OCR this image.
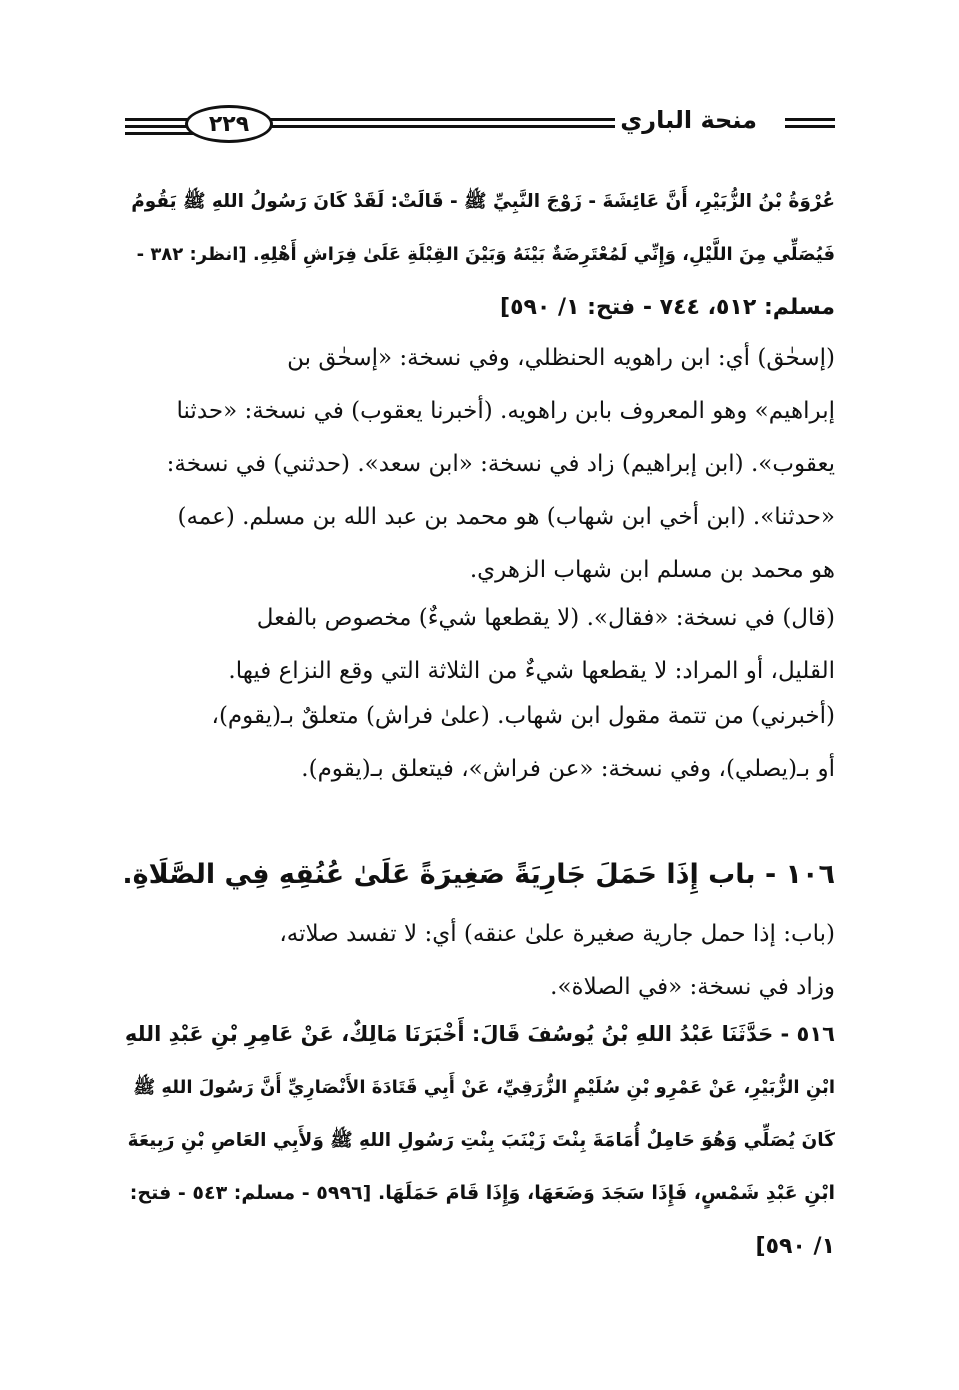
٢٢٩	منحة الباري
عُرْوَةُ بْنُ الزُّبَيْرِ، أَنَّ عَائِشَةَ - زَوْجَ النَّبِيِّ ﷺ - قَالَتْ: لَقَدْ كَانَ رَسُولُ اللهِ ﷺ يَقُومُ
فَيُصَلِّي مِنَ اللَّيْلِ، وَإِنِّي لَمُعْتَرِضَةٌ بَيْنَهُ وَبَيْنَ القِبْلَةِ عَلَىٰ فِرَاشِ أَهْلِهِ. [انظر: ٣٨٢ -
مسلم: ٥١٢، ٧٤٤ - فتح: ١/ ٥٩٠]
(إسحٰق) أي: ابن راهويه الحنظلي، وفي نسخة: «إسحٰق بن
إبراهيم» وهو المعروف بابن راهويه. (أخبرنا يعقوب) في نسخة: «حدثنا
يعقوب». (ابن إبراهيم) زاد في نسخة: «ابن سعد». (حدثني) في نسخة:
«حدثنا». (ابن أخي ابن شهاب) هو محمد بن عبد الله بن مسلم. (عمه)
هو محمد بن مسلم ابن شهاب الزهري.
(قال) في نسخة: «فقال». (لا يقطعها شيءٌ) مخصوص بالفعل
القليل، أو المراد: لا يقطعها شيءٌ من الثلاثة التي وقع النزاع فيها.
(أخبرني) من تتمة مقول ابن شهاب. (علىٰ فراش) متعلقٌ بـ(يقوم)،
أو بـ(يصلي)، وفي نسخة: «عن فراش»، فيتعلق بـ(يقوم).
١٠٦ - باب إِذَا حَمَلَ جَارِيَةً صَغِيرَةً عَلَىٰ عُنُقِهِ فِي الصَّلَاةِ.
(باب: إذا حمل جارية صغيرة علىٰ عنقه) أي: لا تفسد صلاته،
وزاد في نسخة: «في الصلاة».
٥١٦ - حَدَّثَنَا عَبْدُ اللهِ بْنُ يُوسُفَ قَالَ: أَخْبَرَنَا مَالِكٌ، عَنْ عَامِرِ بْنِ عَبْدِ اللهِ
ابْنِ الزُّبَيْرِ، عَنْ عَمْرِو بْنِ سُلَيْمٍ الزُّرَقِيِّ، عَنْ أَبِي قَتَادَةَ الأَنْصَارِيِّ أَنَّ رَسُولَ اللهِ ﷺ
كَانَ يُصَلِّي وَهُوَ حَامِلٌ أُمَامَةَ بِنْتَ زَيْنَبَ بِنْتِ رَسُولِ اللهِ ﷺ وَلأَبِي العَاصِ بْنِ رَبِيعَةَ
ابْنِ عَبْدِ شَمْسٍ، فَإِذَا سَجَدَ وَضَعَهَا، وَإِذَا قَامَ حَمَلَهَا. [٥٩٩٦ - مسلم: ٥٤٣ - فتح:
١/ ٥٩٠]
